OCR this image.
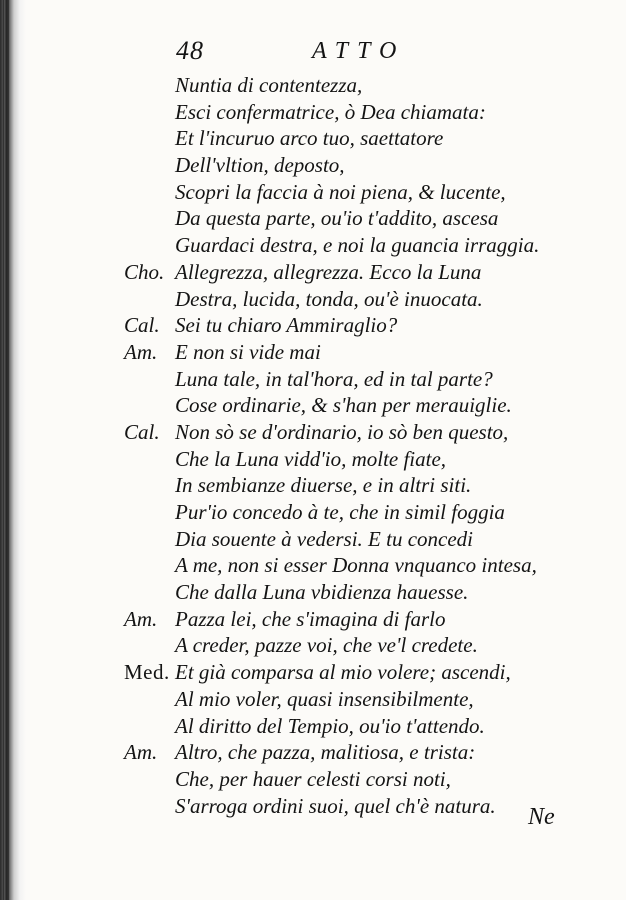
48	ATTO
Nuntia di contentezza,
Esci confermatrice, ò Dea chiamata:
Et l'incuruo arco tuo, saettatore
Dell'vltion, deposto,
Scopri la faccia à noi piena, & lucente,
Da questa parte, ou'io t'addito, ascesa
Guardaci destra, e noi la guancia irraggia.
Cho. Allegrezza, allegrezza. Ecco la Luna
Destra, lucida, tonda, ou'è inuocata.
Cal. Sei tu chiaro Ammiraglio?
Am. E non si vide mai
Luna tale, in tal'hora, ed in tal parte?
Cose ordinarie, & s'han per merauiglie.
Cal. Non sò se d'ordinario, io sò ben questo,
Che la Luna vidd'io, molte fiate,
In sembianze diuerse, e in altri siti.
Pur'io concedo à te, che in simil foggia
Dia souente à vedersi. E tu concedi
A me, non si esser Donna vnquanco intesa,
Che dalla Luna vbidienza hauesse.
Am. Pazza lei, che s'imagina di farlo
A creder, pazze voi, che ve'l credete.
Med. Et già comparsa al mio volere; ascendi,
Al mio voler, quasi insensibilmente,
Al diritto del Tempio, ou'io t'attendo.
Am. Altro, che pazza, malitiosa, e trista:
Che, per hauer celesti corsi noti,
S'arroga ordini suoi, quel ch'è natura. Ne
